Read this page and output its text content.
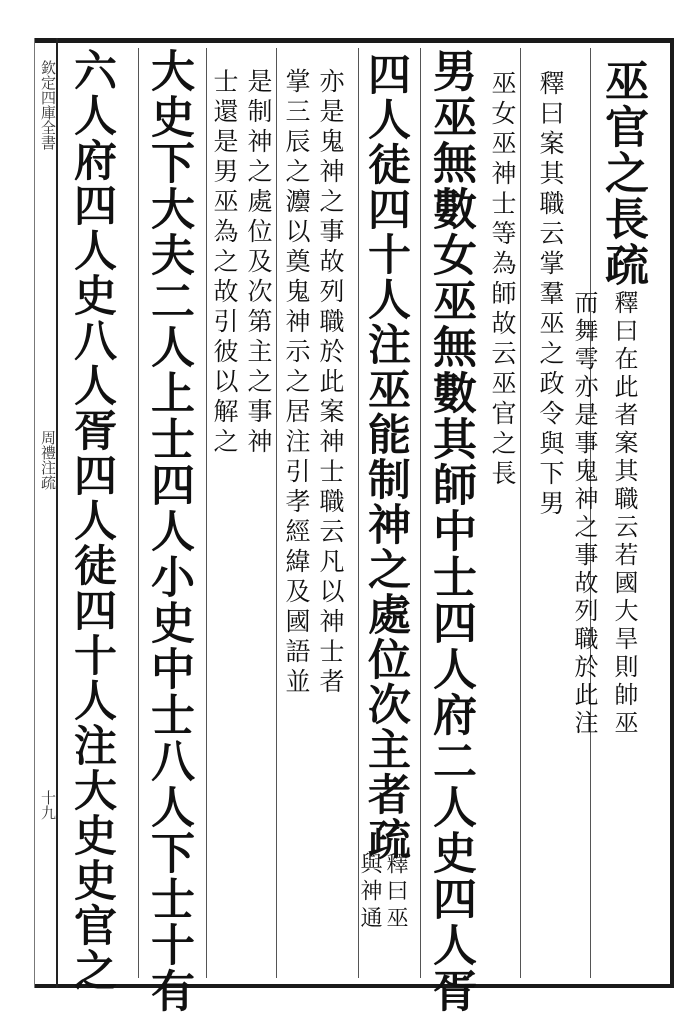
巫官之長疏
釋曰在此者案其職云若國大旱則帥巫
而舞雩亦是事鬼神之事故列職於此注
釋曰案其職云掌羣巫之政令與下男
巫女巫神士等為師故云巫官之長
男巫無數女巫無數其師中士四人府二人史四人胥
四人徒四十人注巫能制神之處位次主者疏
釋曰巫
與神通
亦是鬼神之事故列職於此案神士職云凡以神士者
掌三辰之灋以奠鬼神示之居注引孝經緯及國語並
是制神之處位及次第主之事神
士還是男巫為之故引彼以解之
大史下大夫二人上士四人小史中士八人下士十有
六人府四人史八人胥四人徒四十人注大史史官之
欽定四庫全書
周禮注疏
十九
